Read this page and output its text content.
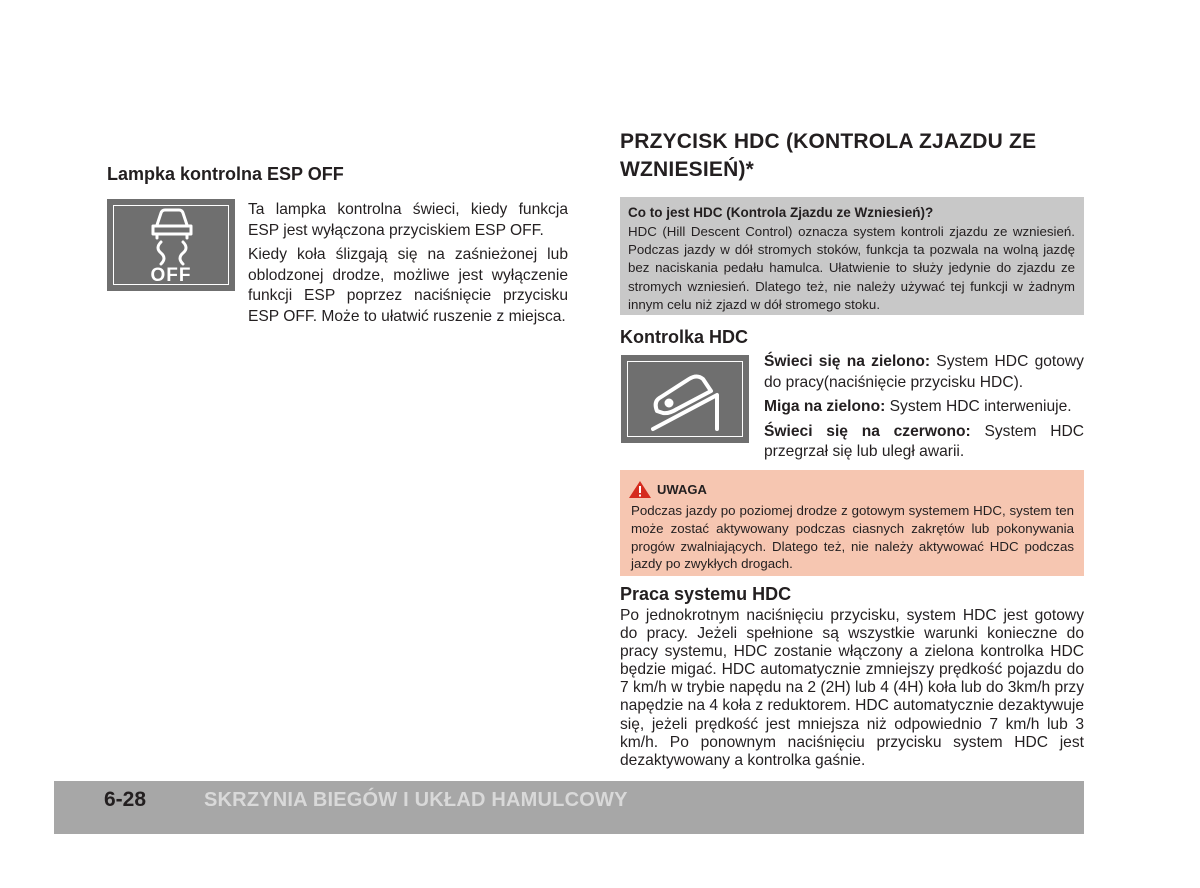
Lampka kontrolna ESP OFF
OFF

Ta lampka kontrolna świeci, kiedy funkcja ESP jest wyłączona przyciskiem ESP OFF.

Kiedy koła ślizgają się na zaśnieżonej lub oblodzonej drodze, możliwe jest wyłączenie funkcji ESP poprzez naciśnięcie przycisku ESP OFF. Może to ułatwić ruszenie z miejsca.

PRZYCISK HDC (KONTROLA ZJAZDU ZE WZNIESIEŃ)*
Co to jest HDC (Kontrola Zjazdu ze Wzniesień)?
HDC (Hill Descent Control) oznacza system kontroli zjazdu ze wzniesień. Podczas jazdy w dół stromych stoków, funkcja ta pozwala na wolną jazdę bez naciskania pedału hamulca. Ułatwienie to służy jedynie do zjazdu ze stromych wzniesień. Dlatego też, nie należy używać tej funkcji w żadnym innym celu niż zjazd w dół stromego stoku.
Kontrolka HDC

Świeci się na zielono: System HDC gotowy do pracy(naciśnięcie przycisku HDC).

Miga na zielono: System HDC interweniuje.

Świeci się na czerwono: System HDC przegrzał się lub uległ awarii.

UWAGA
Podczas jazdy po poziomej drodze z gotowym systemem HDC, system ten może zostać aktywowany podczas ciasnych zakrętów lub pokonywania progów zwalniających. Dlatego też, nie należy aktywować HDC podczas jazdy po zwykłych drogach.
Praca systemu HDC
Po jednokrotnym naciśnięciu przycisku, system HDC jest gotowy do pracy. Jeżeli spełnione są wszystkie warunki konieczne do pracy systemu, HDC zostanie włączony a zielona kontrolka HDC będzie migać. HDC automatycznie zmniejszy prędkość pojazdu do 7 km/h w trybie napędu na 2 (2H) lub 4 (4H) koła lub do 3km/h przy napędzie na 4 koła z reduktorem. HDC automatycznie dezaktywuje się, jeżeli prędkość jest mniejsza niż odpowiednio 7 km/h lub 3 km/h. Po ponownym naciśnięciu przycisku system HDC jest dezaktywowany a kontrolka gaśnie.
6-28	SKRZYNIA BIEGÓW I UKŁAD HAMULCOWY
